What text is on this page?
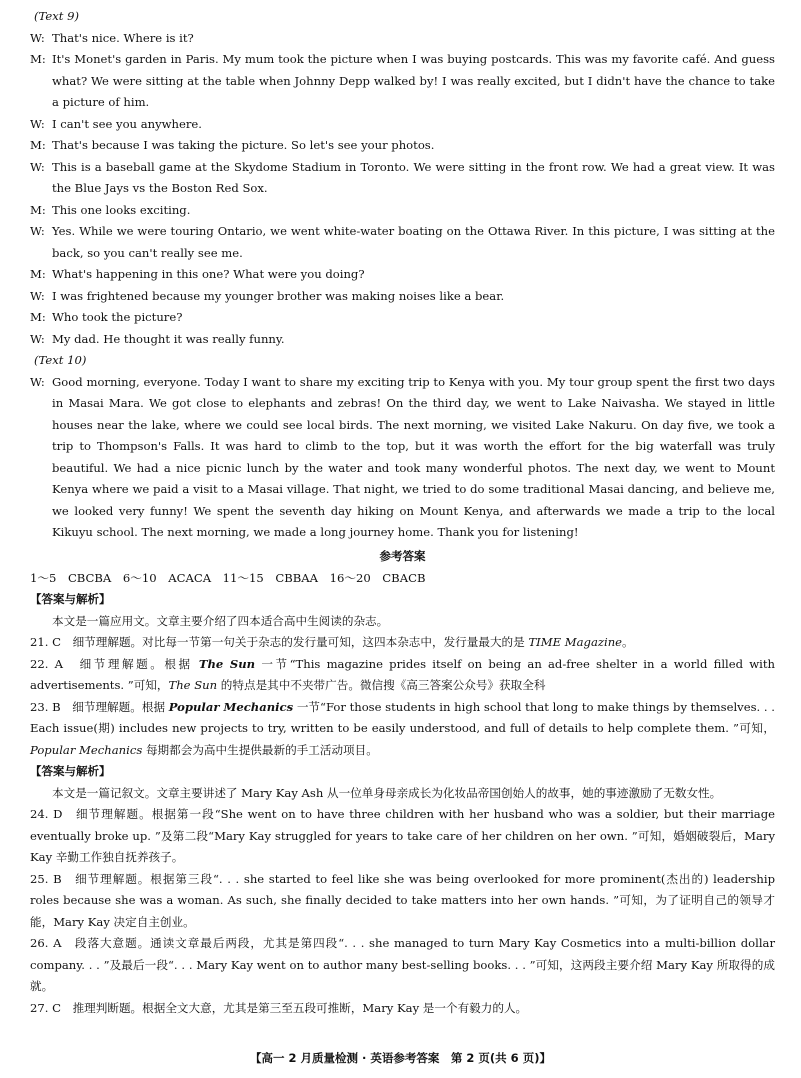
(Text 9)
W: That's nice. Where is it?
M: It's Monet's garden in Paris. My mum took the picture when I was buying postcards. This was my favorite café. And guess what? We were sitting at the table when Johnny Depp walked by! I was really excited, but I didn't have the chance to take a picture of him.
W: I can't see you anywhere.
M: That's because I was taking the picture. So let's see your photos.
W: This is a baseball game at the Skydome Stadium in Toronto. We were sitting in the front row. We had a great view. It was the Blue Jays vs the Boston Red Sox.
M: This one looks exciting.
W: Yes. While we were touring Ontario, we went white-water boating on the Ottawa River. In this picture, I was sitting at the back, so you can't really see me.
M: What's happening in this one? What were you doing?
W: I was frightened because my younger brother was making noises like a bear.
M: Who took the picture?
W: My dad. He thought it was really funny.
(Text 10)
W: Good morning, everyone. Today I want to share my exciting trip to Kenya with you. My tour group spent the first two days in Masai Mara. We got close to elephants and zebras! On the third day, we went to Lake Naivasha. We stayed in little houses near the lake, where we could see local birds. The next morning, we visited Lake Nakuru. On day five, we took a trip to Thompson's Falls. It was hard to climb to the top, but it was worth the effort for the big waterfall was truly beautiful. We had a nice picnic lunch by the water and took many wonderful photos. The next day, we went to Mount Kenya where we paid a visit to a Masai village. That night, we tried to do some traditional Masai dancing, and believe me, we looked very funny! We spent the seventh day hiking on Mount Kenya, and afterwards we made a trip to the local Kikuyu school. The next morning, we made a long journey home. Thank you for listening!
参考答案
1～5　CBCBA　6～10　ACACA　11～15　CBBAA　16～20　CBACB
【答案与解析】
本文是一篇应用文。文章主要介绍了四本适合高中生阅读的杂志。
21. C　细节理解题。对比每一节第一句关于杂志的发行量可知，这四本杂志中，发行量最大的是 TIME Magazine。
22. A　细节理解题。根据 The Sun 一节“This magazine prides itself on being an ad-free shelter in a world filled with advertisements. ”可知，The Sun 的特点是其中不夹带广告。微信搜《高三答案公众号》获取全科
23. B　细节理解题。根据 Popular Mechanics 一节“For those students in high school that long to make things by themselves. . . Each issue(期) includes new projects to try, written to be easily understood, and full of details to help complete them. ”可知，Popular Mechanics 每期都会为高中生提供最新的手工活动项目。
【答案与解析】
本文是一篇记叙文。文章主要讲述了 Mary Kay Ash 从一位单身母亲成长为化妆品帝国创始人的故事，她的事迹激励了无数女性。
24. D　细节理解题。根据第一段“She went on to have three children with her husband who was a soldier, but their marriage eventually broke up. ”及第二段“Mary Kay struggled for years to take care of her children on her own. ”可知，婚姻破裂后，Mary Kay 辛勤工作独自抚养孩子。
25. B　细节理解题。根据第三段“. . . she started to feel like she was being overlooked for more prominent(杰出的) leadership roles because she was a woman. As such, she finally decided to take matters into her own hands. ”可知，为了证明自己的领导才能，Mary Kay 决定自主创业。
26. A　段落大意题。通读文章最后两段，尤其是第四段“. . . she managed to turn Mary Kay Cosmetics into a multi-billion dollar company. . . ”及最后一段“. . . Mary Kay went on to author many best-selling books. . . ”可知，这两段主要介绍 Mary Kay 所取得的成就。
27. C　推理判断题。根据全文大意，尤其是第三至五段可推断，Mary Kay 是一个有毅力的人。
【高一 2 月质量检测 · 英语参考答案　第 2 页(共 6 页)】
